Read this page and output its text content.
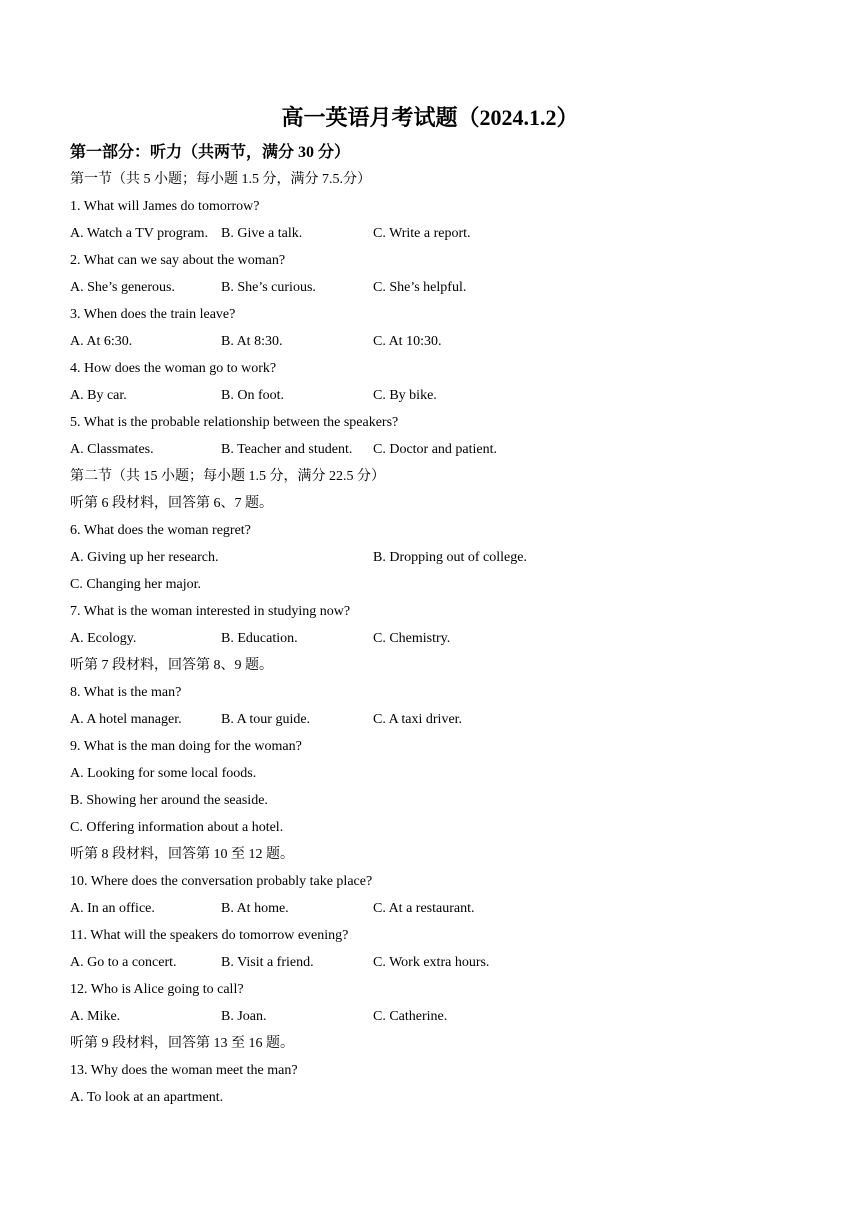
高一英语月考试题（2024.1.2）
第一部分：听力（共两节，满分 30 分）
第一节（共 5 小题；每小题 1.5 分，满分 7.5.分）
1. What will James do tomorrow?
A. Watch a TV program. B. Give a talk.	C. Write a report.
2. What can we say about the woman?
A. She’s generous.	B. She’s curious.	C. She’s helpful.
3. When does the train leave?
A. At 6:30.	B. At 8:30.	C. At 10:30.
4. How does the woman go to work?
A. By car.	B. On foot.	C. By bike.
5. What is the probable relationship between the speakers?
A. Classmates.	B. Teacher and student. C. Doctor and patient.
第二节（共 15 小题；每小题 1.5 分，满分 22.5 分）
听第 6 段材料，回答第 6、7 题。
6. What does the woman regret?
A. Giving up her research.	B. Dropping out of college.
C. Changing her major.
7. What is the woman interested in studying now?
A. Ecology.	B. Education.	C. Chemistry.
听第 7 段材料，回答第 8、9 题。
8. What is the man?
A. A hotel manager.	B. A tour guide.	C. A taxi driver.
9. What is the man doing for the woman?
A. Looking for some local foods.
B. Showing her around the seaside.
C. Offering information about a hotel.
听第 8 段材料，回答第 10 至 12 题。
10. Where does the conversation probably take place?
A. In an office.	B. At home.	C. At a restaurant.
11. What will the speakers do tomorrow evening?
A. Go to a concert.	B. Visit a friend.	C. Work extra hours.
12. Who is Alice going to call?
A. Mike.	B. Joan.	C. Catherine.
听第 9 段材料，回答第 13 至 16 题。
13. Why does the woman meet the man?
A. To look at an apartment.
